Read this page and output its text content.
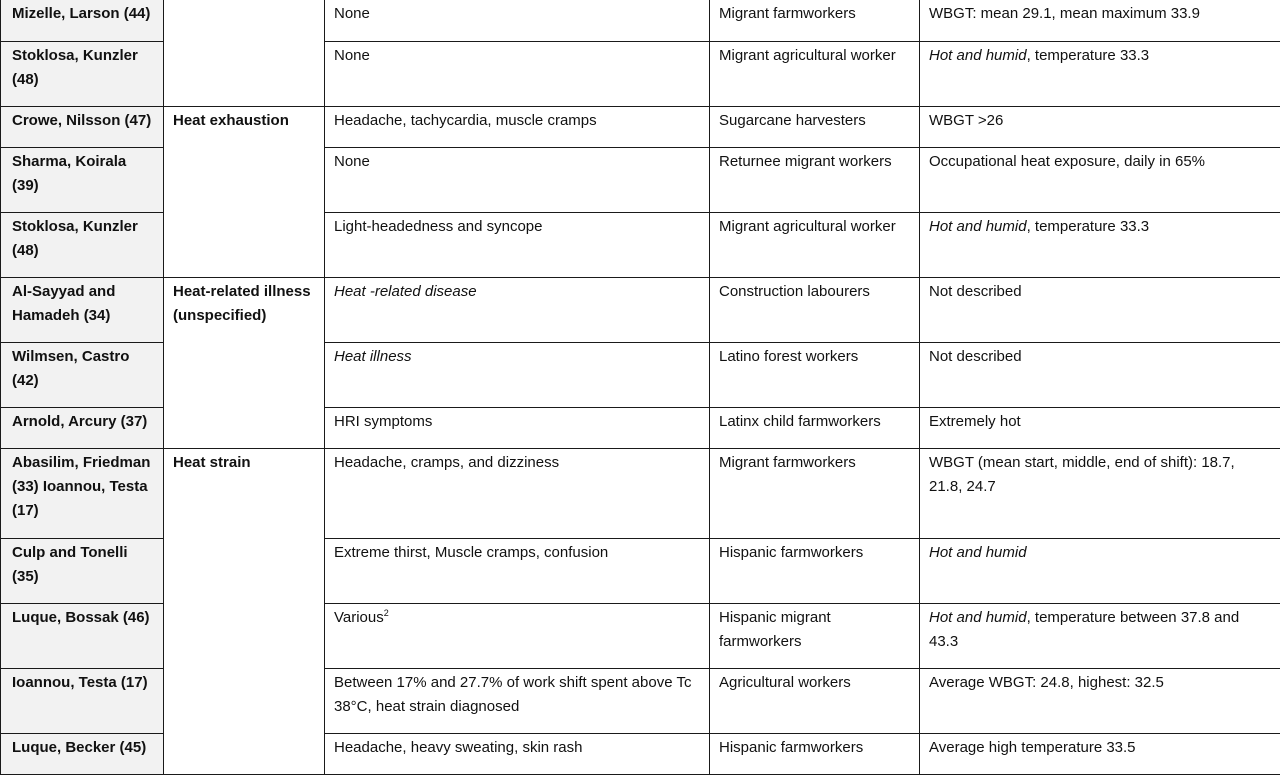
Mizelle, Larson (44)		None	Migrant farmworkers	WBGT: mean 29.1, mean maximum 33.9
Stoklosa, Kunzler (48)		None	Migrant agricultural worker	Hot and humid, temperature 33.3
Crowe, Nilsson (47)	Heat exhaustion	Headache, tachycardia, muscle cramps	Sugarcane harvesters	WBGT >26
Sharma, Koirala (39)		None	Returnee migrant workers	Occupational heat exposure, daily in 65%
Stoklosa, Kunzler (48)		Light-headedness and syncope	Migrant agricultural worker	Hot and humid, temperature 33.3
Al-Sayyad and Hamadeh (34)	Heat-related illness (unspecified)	Heat -related disease	Construction labourers	Not described
Wilmsen, Castro (42)		Heat illness	Latino forest workers	Not described
Arnold, Arcury (37)		HRI symptoms	Latinx child farmworkers	Extremely hot
Abasilim, Friedman (33) Ioannou, Testa (17)	Heat strain	Headache, cramps, and dizziness	Migrant farmworkers	WBGT (mean start, middle, end of shift): 18.7, 21.8, 24.7
Culp and Tonelli (35)		Extreme thirst, Muscle cramps, confusion	Hispanic farmworkers	Hot and humid
Luque, Bossak (46)		Various$^2$	Hispanic migrant farmworkers	Hot and humid, temperature between 37.8 and 43.3
Ioannou, Testa (17)		Between 17% and 27.7% of work shift spent above Tc 38°C, heat strain diagnosed	Agricultural workers	Average WBGT: 24.8, highest: 32.5
Luque, Becker (45)		Headache, heavy sweating, skin rash	Hispanic farmworkers	Average high temperature 33.5
